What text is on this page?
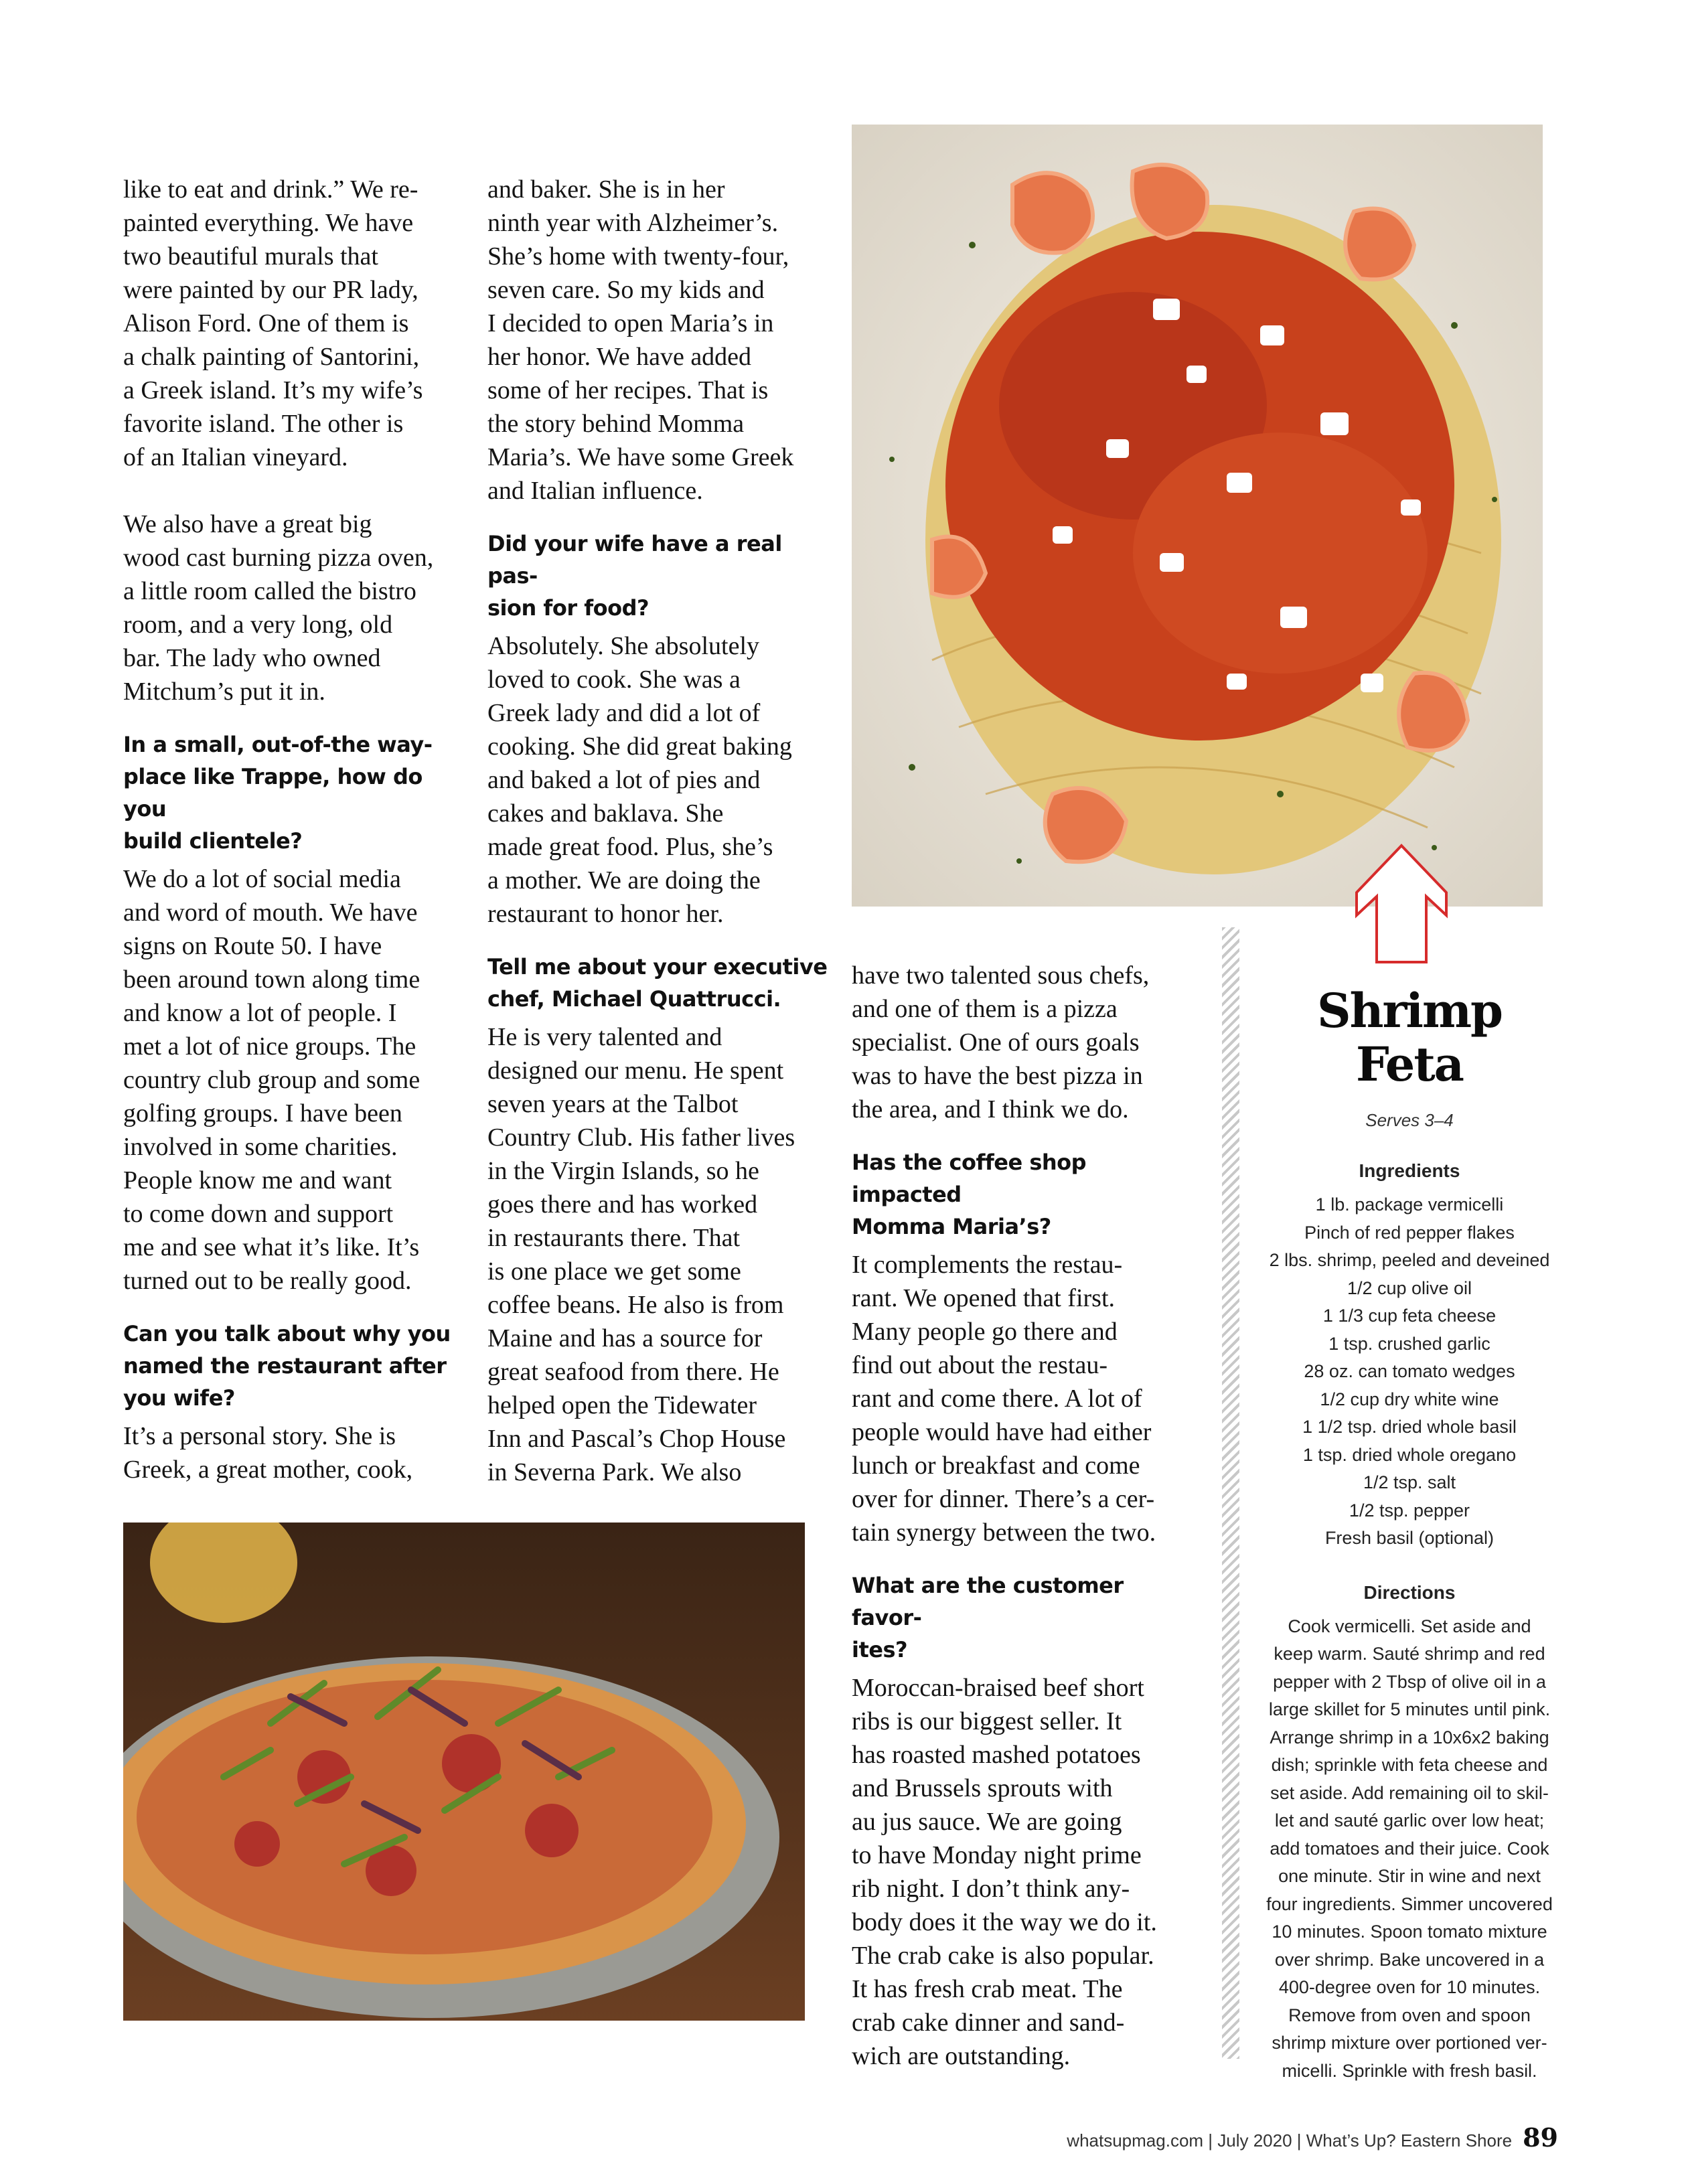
like to eat and drink.” We re-
painted everything. We have
two beautiful murals that
were painted by our PR lady,
Alison Ford. One of them is
a chalk painting of Santorini,
a Greek island. It’s my wife’s
favorite island. The other is
of an Italian vineyard.

We also have a great big
wood cast burning pizza oven,
a little room called the bistro
room, and a very long, old
bar. The lady who owned
Mitchum’s put it in.

In a small, out-of-the way-
place like Trappe, how do you
build clientele?

We do a lot of social media
and word of mouth. We have
signs on Route 50. I have
been around town along time
and know a lot of people. I
met a lot of nice groups. The
country club group and some
golfing groups. I have been
involved in some charities.
People know me and want
to come down and support
me and see what it’s like. It’s
turned out to be really good.

Can you talk about why you
named the restaurant after
you wife?

It’s a personal story. She is
Greek, a great mother, cook,

and baker. She is in her
ninth year with Alzheimer’s.
She’s home with twenty-four,
seven care. So my kids and
I decided to open Maria’s in
her honor. We have added
some of her recipes. That is
the story behind Momma
Maria’s. We have some Greek
and Italian influence.

Did your wife have a real pas-
sion for food?

Absolutely. She absolutely
loved to cook. She was a
Greek lady and did a lot of
cooking. She did great baking
and baked a lot of pies and
cakes and baklava. She
made great food. Plus, she’s
a mother. We are doing the
restaurant to honor her.

Tell me about your executive
chef, Michael Quattrucci.

He is very talented and
designed our menu. He spent
seven years at the Talbot
Country Club. His father lives
in the Virgin Islands, so he
goes there and has worked
in restaurants there. That
is one place we get some
coffee beans. He also is from
Maine and has a source for
great seafood from there. He
helped open the Tidewater
Inn and Pascal’s Chop House
in Severna Park. We also

have two talented sous chefs,
and one of them is a pizza
specialist. One of ours goals
was to have the best pizza in
the area, and I think we do.

Has the coffee shop impacted
Momma Maria’s?

It complements the restau-
rant. We opened that first.
Many people go there and
find out about the restau-
rant and come there. A lot of
people would have had either
lunch or breakfast and come
over for dinner. There’s a cer-
tain synergy between the two.

What are the customer favor-
ites?

Moroccan-braised beef short
ribs is our biggest seller. It
has roasted mashed potatoes
and Brussels sprouts with
au jus sauce. We are going
to have Monday night prime
rib night. I don’t think any-
body does it the way we do it.
The crab cake is also popular.
It has fresh crab meat. The
crab cake dinner and sand-
wich are outstanding.

Shrimp Feta
Serves 3–4
Ingredients
1 lb. package vermicelli
Pinch of red pepper flakes
2 lbs. shrimp, peeled and deveined
1/2 cup olive oil
1 1/3 cup feta cheese
1 tsp. crushed garlic
28 oz. can tomato wedges
1/2 cup dry white wine
1 1/2 tsp. dried whole basil
1 tsp. dried whole oregano
1/2 tsp. salt
1/2 tsp. pepper
Fresh basil (optional)
Directions
Cook vermicelli. Set aside and
keep warm. Sauté shrimp and red
pepper with 2 Tbsp of olive oil in a
large skillet for 5 minutes until pink.
Arrange shrimp in a 10x6x2 baking
dish; sprinkle with feta cheese and
set aside. Add remaining oil to skil-
let and sauté garlic over low heat;
add tomatoes and their juice. Cook
one minute. Stir in wine and next
four ingredients. Simmer uncovered
10 minutes. Spoon tomato mixture
over shrimp. Bake uncovered in a
400-degree oven for 10 minutes.
Remove from oven and spoon
shrimp mixture over portioned ver-
micelli. Sprinkle with fresh basil.
whatsupmag.com | July 2020 | What’s Up? Eastern Shore 89
